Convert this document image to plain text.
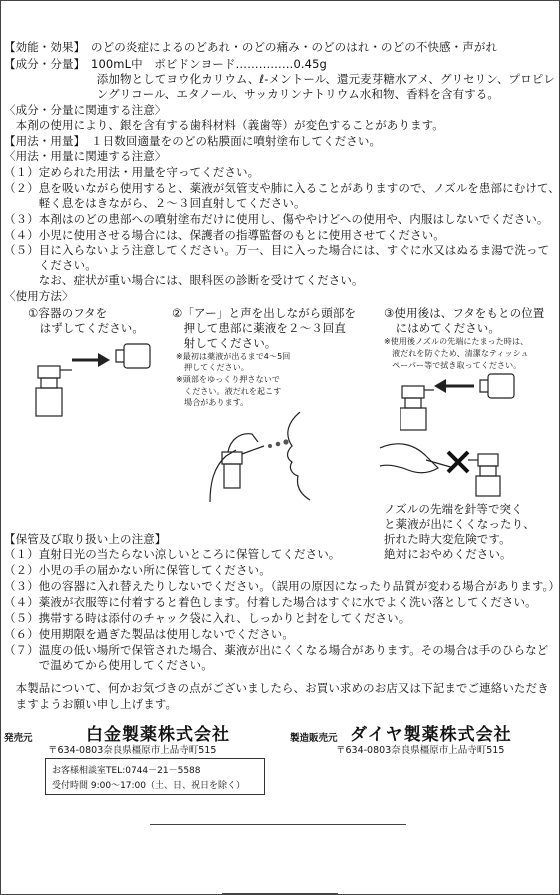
【効能・効果】　のどの炎症によるのどあれ・のどの痛み・のどのはれ・のどの不快感・声がれ
【成分・分量】　100mL中　ポビドンヨード……………0.45g
　　　　　　　　添加物としてヨウ化カリウム、ℓ-メントール、還元麦芽糖水アメ、グリセリン、プロピレ
　　　　　　　　ングリコール、エタノール、サッカリンナトリウム水和物、香料を含有する。
〈成分・分量に関連する注意〉
　本剤の使用により、銀を含有する歯科材料（義歯等）が変色することがあります。
【用法・用量】　１日数回適量をのどの粘膜面に噴射塗布してください。
〈用法・用量に関連する注意〉
（１）定められた用法・用量を守ってください。
（２）息を吸いながら使用すると、薬液が気管支や肺に入ることがありますので、ノズルを患部にむけて、
　　　軽く息をはきながら、２～３回直射してください。
（３）本剤はのどの患部への噴射塗布だけに使用し、傷ややけどへの使用や、内服はしないでください。
（４）小児に使用させる場合には、保護者の指導監督のもとに使用させてください。
（５）目に入らないよう注意してください。万一、目に入った場合には、すぐに水又はぬるま湯で洗って
　　　ください。
　　　なお、症状が重い場合には、眼科医の診断を受けてください。
〈使用方法〉
①容器のフタを
　はずしてください。
②「アー」と声を出しながら頭部を
　押して患部に薬液を２～３回直
　射してください。
※最初は薬液が出るまで4～5回
　押してください。
※頭部をゆっくり押さないで
　ください。液だれを起こす
　場合があります。
③使用後は、フタをもとの位置
　にはめてください。
※使用後ノズルの先端にたまった時は、
　液だれを防ぐため、清潔なティッシュ
　ペーパー等で拭き取ってください。
ノズルの先端を針等で突く
と薬液が出にくくなったり、
折れた時大変危険です。
絶対におやめください。
【保管及び取り扱い上の注意】
（１）直射日光の当たらない涼しいところに保管してください。
（２）小児の手の届かない所に保管してください。
（３）他の容器に入れ替えたりしないでください。（誤用の原因になったり品質が変わる場合があります。）
（４）薬液が衣服等に付着すると着色します。付着した場合はすぐに水でよく洗い落としてください。
（５）携帯する時は添付のチャック袋に入れ、しっかりと封をしてください。
（６）使用期限を過ぎた製品は使用しないでください。
（７）温度の低い場所で保管された場合、薬液が出にくくなる場合があります。その場合は手のひらなど
　　　で温めてから使用してください。
　本製品について、何かお気づきの点がございましたら、お買い求めのお店又は下記までご連絡いただき
　ますようお願い申し上げます。
発売元	白金製薬株式会社
〒634-0803奈良県橿原市上品寺町515
製造販売元 ダイヤ製薬株式会社
〒634-0803奈良県橿原市上品寺町515
お客様相談室TEL:0744－21－5588
受付時間 9:00～17:00（土、日、祝日を除く）
